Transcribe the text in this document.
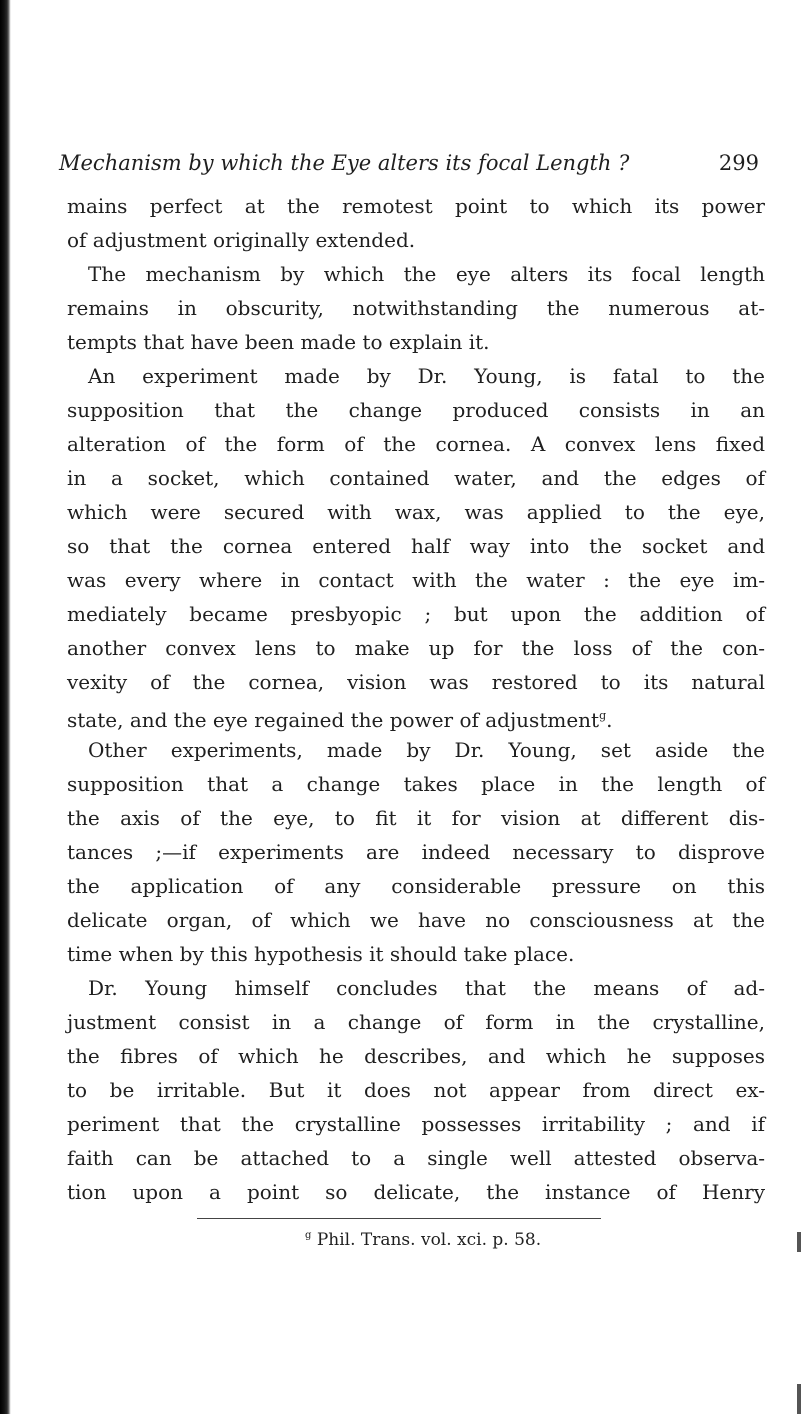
Mechanism by which the Eye alters its focal Length ?	299
mains perfect at the remotest point to which its power
of adjustment originally extended.
The mechanism by which the eye alters its focal length
remains in obscurity, notwithstanding the numerous at-
tempts that have been made to explain it.
An experiment made by Dr. Young, is fatal to the
supposition that the change produced consists in an
alteration of the form of the cornea. A convex lens fixed
in a socket, which contained water, and the edges of
which were secured with wax, was applied to the eye,
so that the cornea entered half way into the socket and
was every where in contact with the water : the eye im-
mediately became presbyopic ; but upon the addition of
another convex lens to make up for the loss of the con-
vexity of the cornea, vision was restored to its natural
state, and the eye regained the power of adjustment$^g$.
Other experiments, made by Dr. Young, set aside the
supposition that a change takes place in the length of
the axis of the eye, to fit it for vision at different dis-
tances ;—if experiments are indeed necessary to disprove
the application of any considerable pressure on this
delicate organ, of which we have no consciousness at the
time when by this hypothesis it should take place.
Dr. Young himself concludes that the means of ad-
justment consist in a change of form in the crystalline,
the fibres of which he describes, and which he supposes
to be irritable. But it does not appear from direct ex-
periment that the crystalline possesses irritability ; and if
faith can be attached to a single well attested observa-
tion upon a point so delicate, the instance of Henry
$^g$ Phil. Trans. vol. xci. p. 58.
